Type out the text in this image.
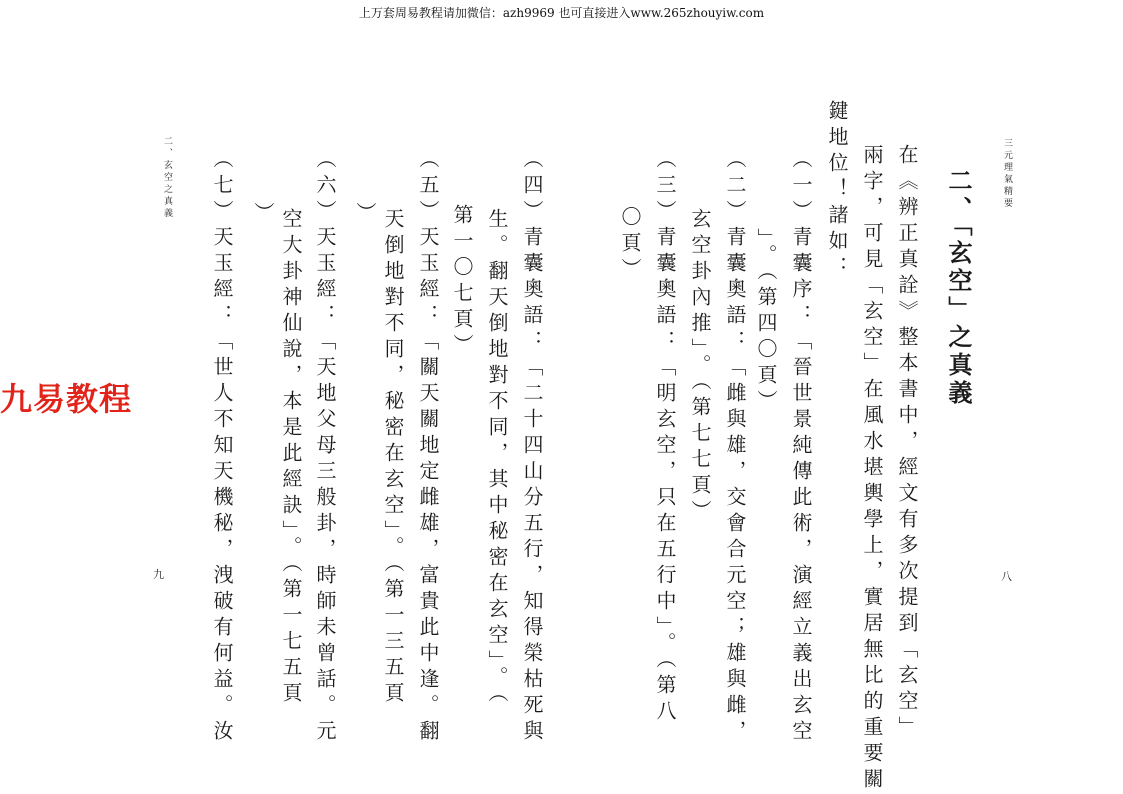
上万套周易教程请加微信：azh9969 也可直接进入www.265zhouyiw.com
三元理氣精要
八
二、「玄空」之真義
在《辨正真詮》整本書中，經文有多次提到「玄空」
兩字，可見「玄空」在風水堪輿學上，實居無比的重要關
鍵地位！諸如：
（一）青囊序：「晉世景純傳此術，演經立義出玄空
」。（第四〇頁）
（二）青囊奧語：「雌與雄，交會合元空；雄與雌，
玄空卦內推」。（第七七頁）
（三）青囊奧語：「明玄空，只在五行中」。（第八
〇頁）
二、玄空之真義
九	（四）青囊奧語：「二十四山分五行，知得榮枯死與
生。翻天倒地對不同，其中秘密在玄空」。（
第一〇七頁）
（五）天玉經：「關天關地定雌雄，富貴此中逢。翻
天倒地對不同，秘密在玄空」。（第一三五頁
）
（六）天玉經：「天地父母三般卦，時師未曾話。元
空大卦神仙說，本是此經訣」。（第一七五頁
）
（七）天玉經：「世人不知天機秘，洩破有何益。汝
九易教程
